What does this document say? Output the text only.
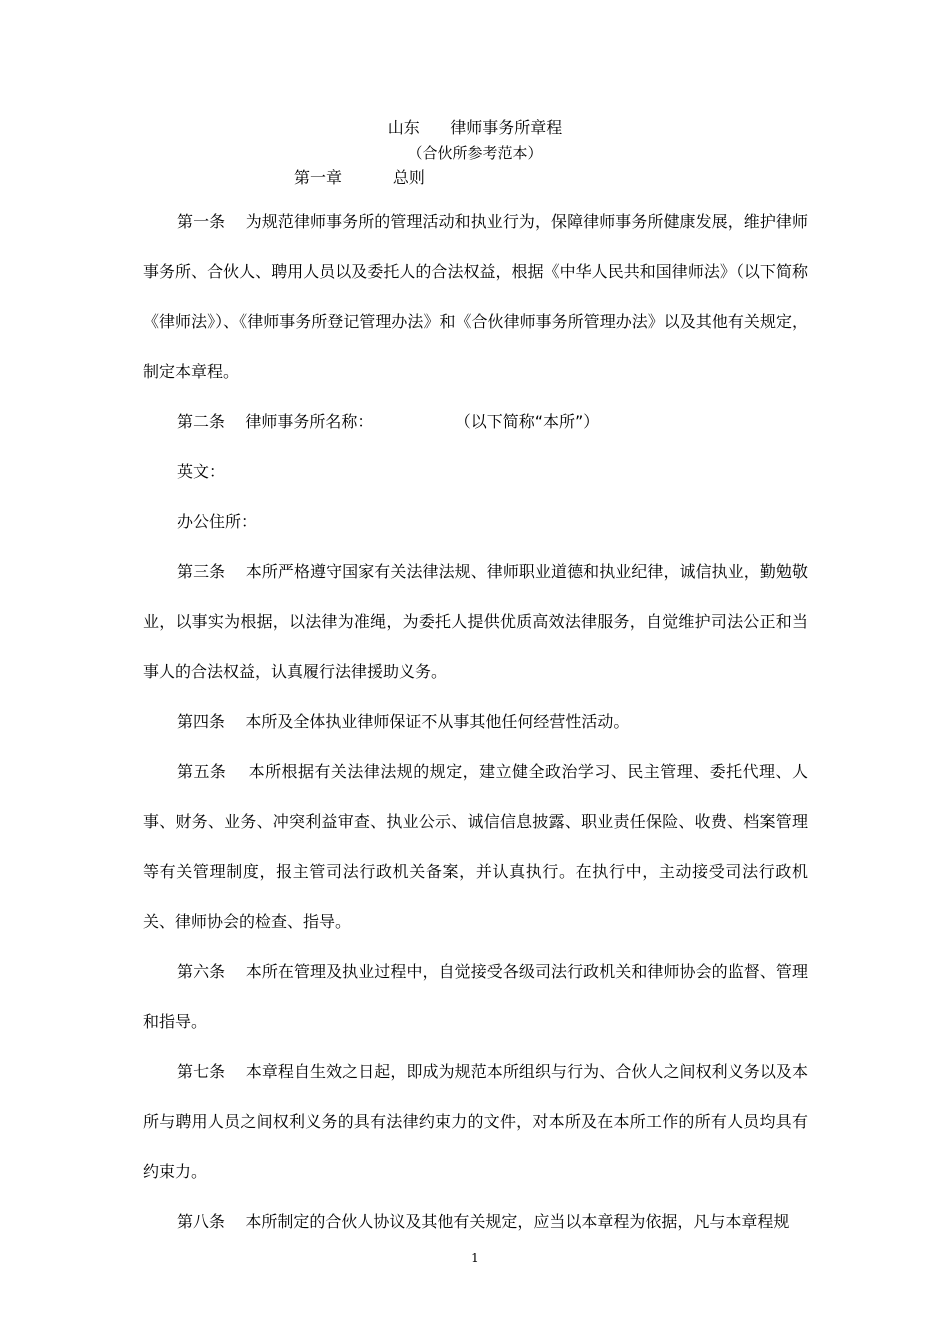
山东      律师事务所章程
（合伙所参考范本）
第一章          总则

第一条    为规范律师事务所的管理活动和执业行为，保障律师事务所健康发展，维护律师事务所、合伙人、聘用人员以及委托人的合法权益，根据《中华人民共和国律师法》（以下简称《律师法》）、《律师事务所登记管理办法》和《合伙律师事务所管理办法》以及其他有关规定，制定本章程。

第二条    律师事务所名称：                （以下简称“本所”）

英文：

办公住所：

第三条    本所严格遵守国家有关法律法规、律师职业道德和执业纪律，诚信执业，勤勉敬业，以事实为根据，以法律为准绳，为委托人提供优质高效法律服务，自觉维护司法公正和当事人的合法权益，认真履行法律援助义务。

第四条    本所及全体执业律师保证不从事其他任何经营性活动。

第五条    本所根据有关法律法规的规定，建立健全政治学习、民主管理、委托代理、人事、财务、业务、冲突利益审查、执业公示、诚信信息披露、职业责任保险、收费、档案管理等有关管理制度，报主管司法行政机关备案，并认真执行。在执行中，主动接受司法行政机关、律师协会的检查、指导。

第六条    本所在管理及执业过程中，自觉接受各级司法行政机关和律师协会的监督、管理和指导。

第七条    本章程自生效之日起，即成为规范本所组织与行为、合伙人之间权利义务以及本所与聘用人员之间权利义务的具有法律约束力的文件，对本所及在本所工作的所有人员均具有约束力。

第八条    本所制定的合伙人协议及其他有关规定，应当以本章程为依据，凡与本章程规

1
